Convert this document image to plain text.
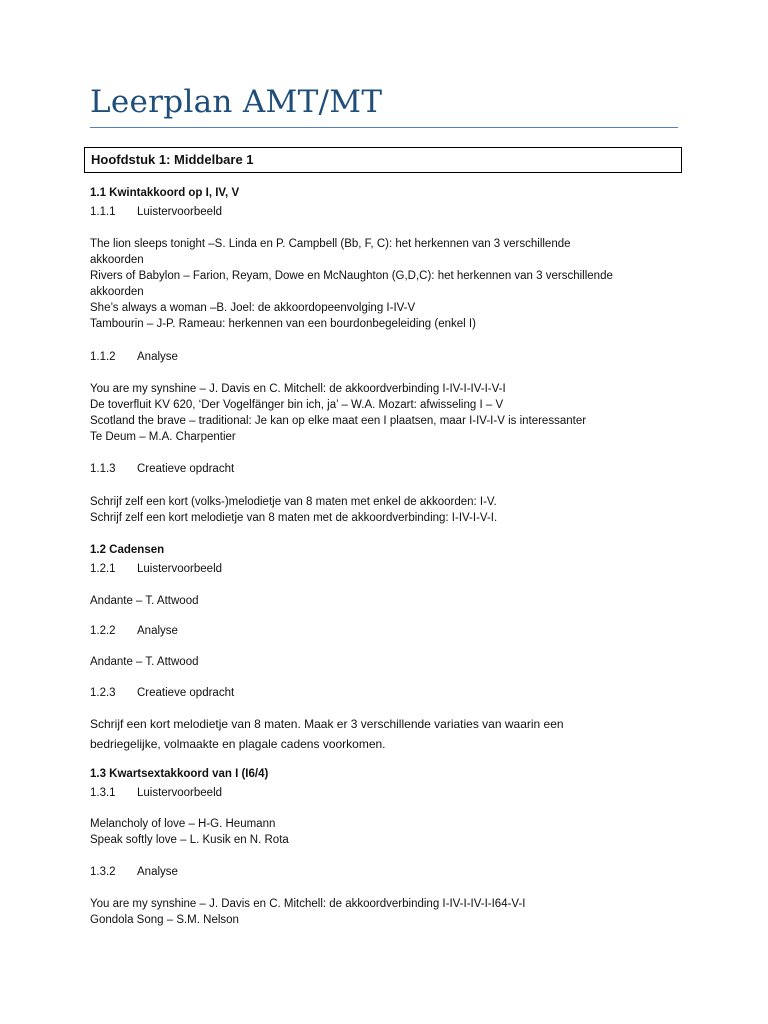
Leerplan AMT/MT
Hoofdstuk 1: Middelbare 1
1.1 Kwintakkoord op I, IV, V
1.1.1 Luistervoorbeeld
The lion sleeps tonight –S. Linda en P. Campbell (Bb, F, C): het herkennen van 3 verschillende
akkoorden
Rivers of Babylon – Farion, Reyam, Dowe en McNaughton (G,D,C): het herkennen van 3 verschillende
akkoorden
She’s always a woman –B. Joel: de akkoordopeenvolging I-IV-V
Tambourin – J-P. Rameau: herkennen van een bourdonbegeleiding (enkel I)
1.1.2 Analyse
You are my synshine – J. Davis en C. Mitchell: de akkoordverbinding I-IV-I-IV-I-V-I
De toverfluit KV 620, ‘Der Vogelfänger bin ich, ja’ – W.A. Mozart: afwisseling I – V
Scotland the brave – traditional: Je kan op elke maat een I plaatsen, maar I-IV-I-V is interessanter
Te Deum – M.A. Charpentier
1.1.3 Creatieve opdracht
Schrijf zelf een kort (volks-)melodietje van 8 maten met enkel de akkoorden: I-V.
Schrijf zelf een kort melodietje van 8 maten met de akkoordverbinding: I-IV-I-V-I.
1.2 Cadensen
1.2.1 Luistervoorbeeld
Andante – T. Attwood
1.2.2 Analyse
Andante – T. Attwood
1.2.3 Creatieve opdracht
Schrijf een kort melodietje van 8 maten. Maak er 3 verschillende variaties van waarin een
bedriegelijke, volmaakte en plagale cadens voorkomen.
1.3 Kwartsextakkoord van I (I6/4)
1.3.1 Luistervoorbeeld
Melancholy of love – H-G. Heumann
Speak softly love – L. Kusik en N. Rota
1.3.2 Analyse
You are my synshine – J. Davis en C. Mitchell: de akkoordverbinding I-IV-I-IV-I-I64-V-I
Gondola Song – S.M. Nelson
